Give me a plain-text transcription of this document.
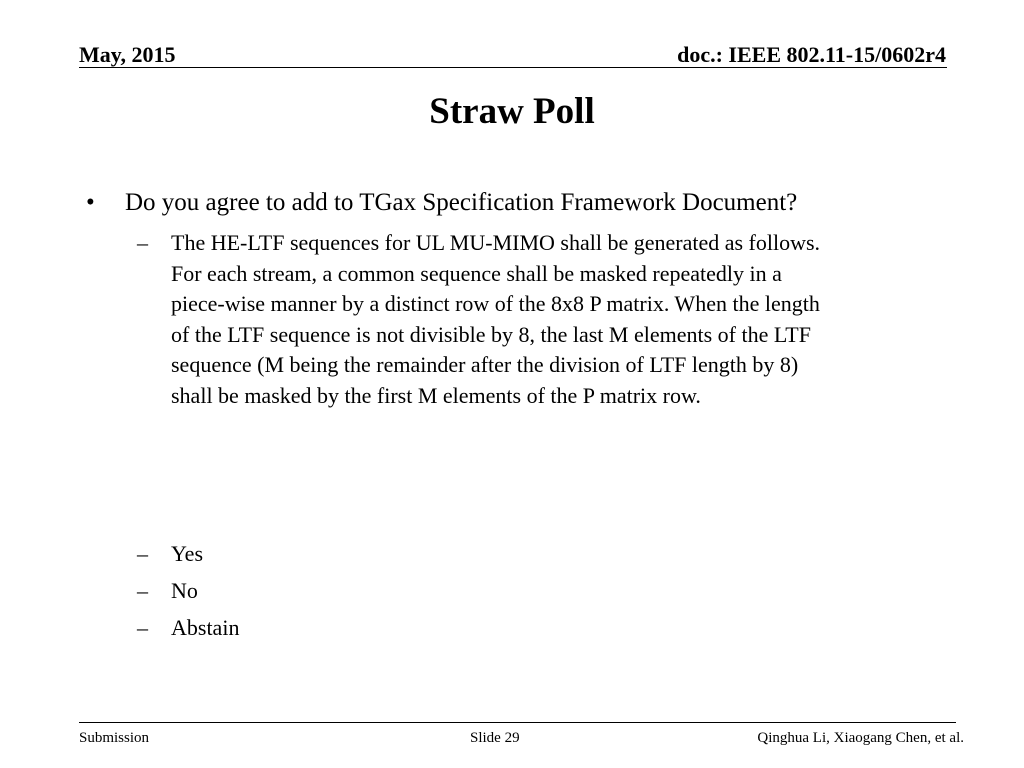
May, 2015	doc.: IEEE 802.11-15/0602r4
Straw Poll
•	Do you agree to add to TGax Specification Framework Document?
–	The HE-LTF sequences for UL MU-MIMO shall be generated as follows.
For each stream, a common sequence shall be masked repeatedly in a
piece-wise manner by a distinct row of the 8x8 P matrix. When the length
of the LTF sequence is not divisible by 8, the last M elements of the LTF
sequence (M being the remainder after the division of LTF length by 8)
shall be masked by the first M elements of the P matrix row.
–	Yes
–	No
–	Abstain
Submission	Slide 29	Qinghua Li, Xiaogang Chen, et al.
